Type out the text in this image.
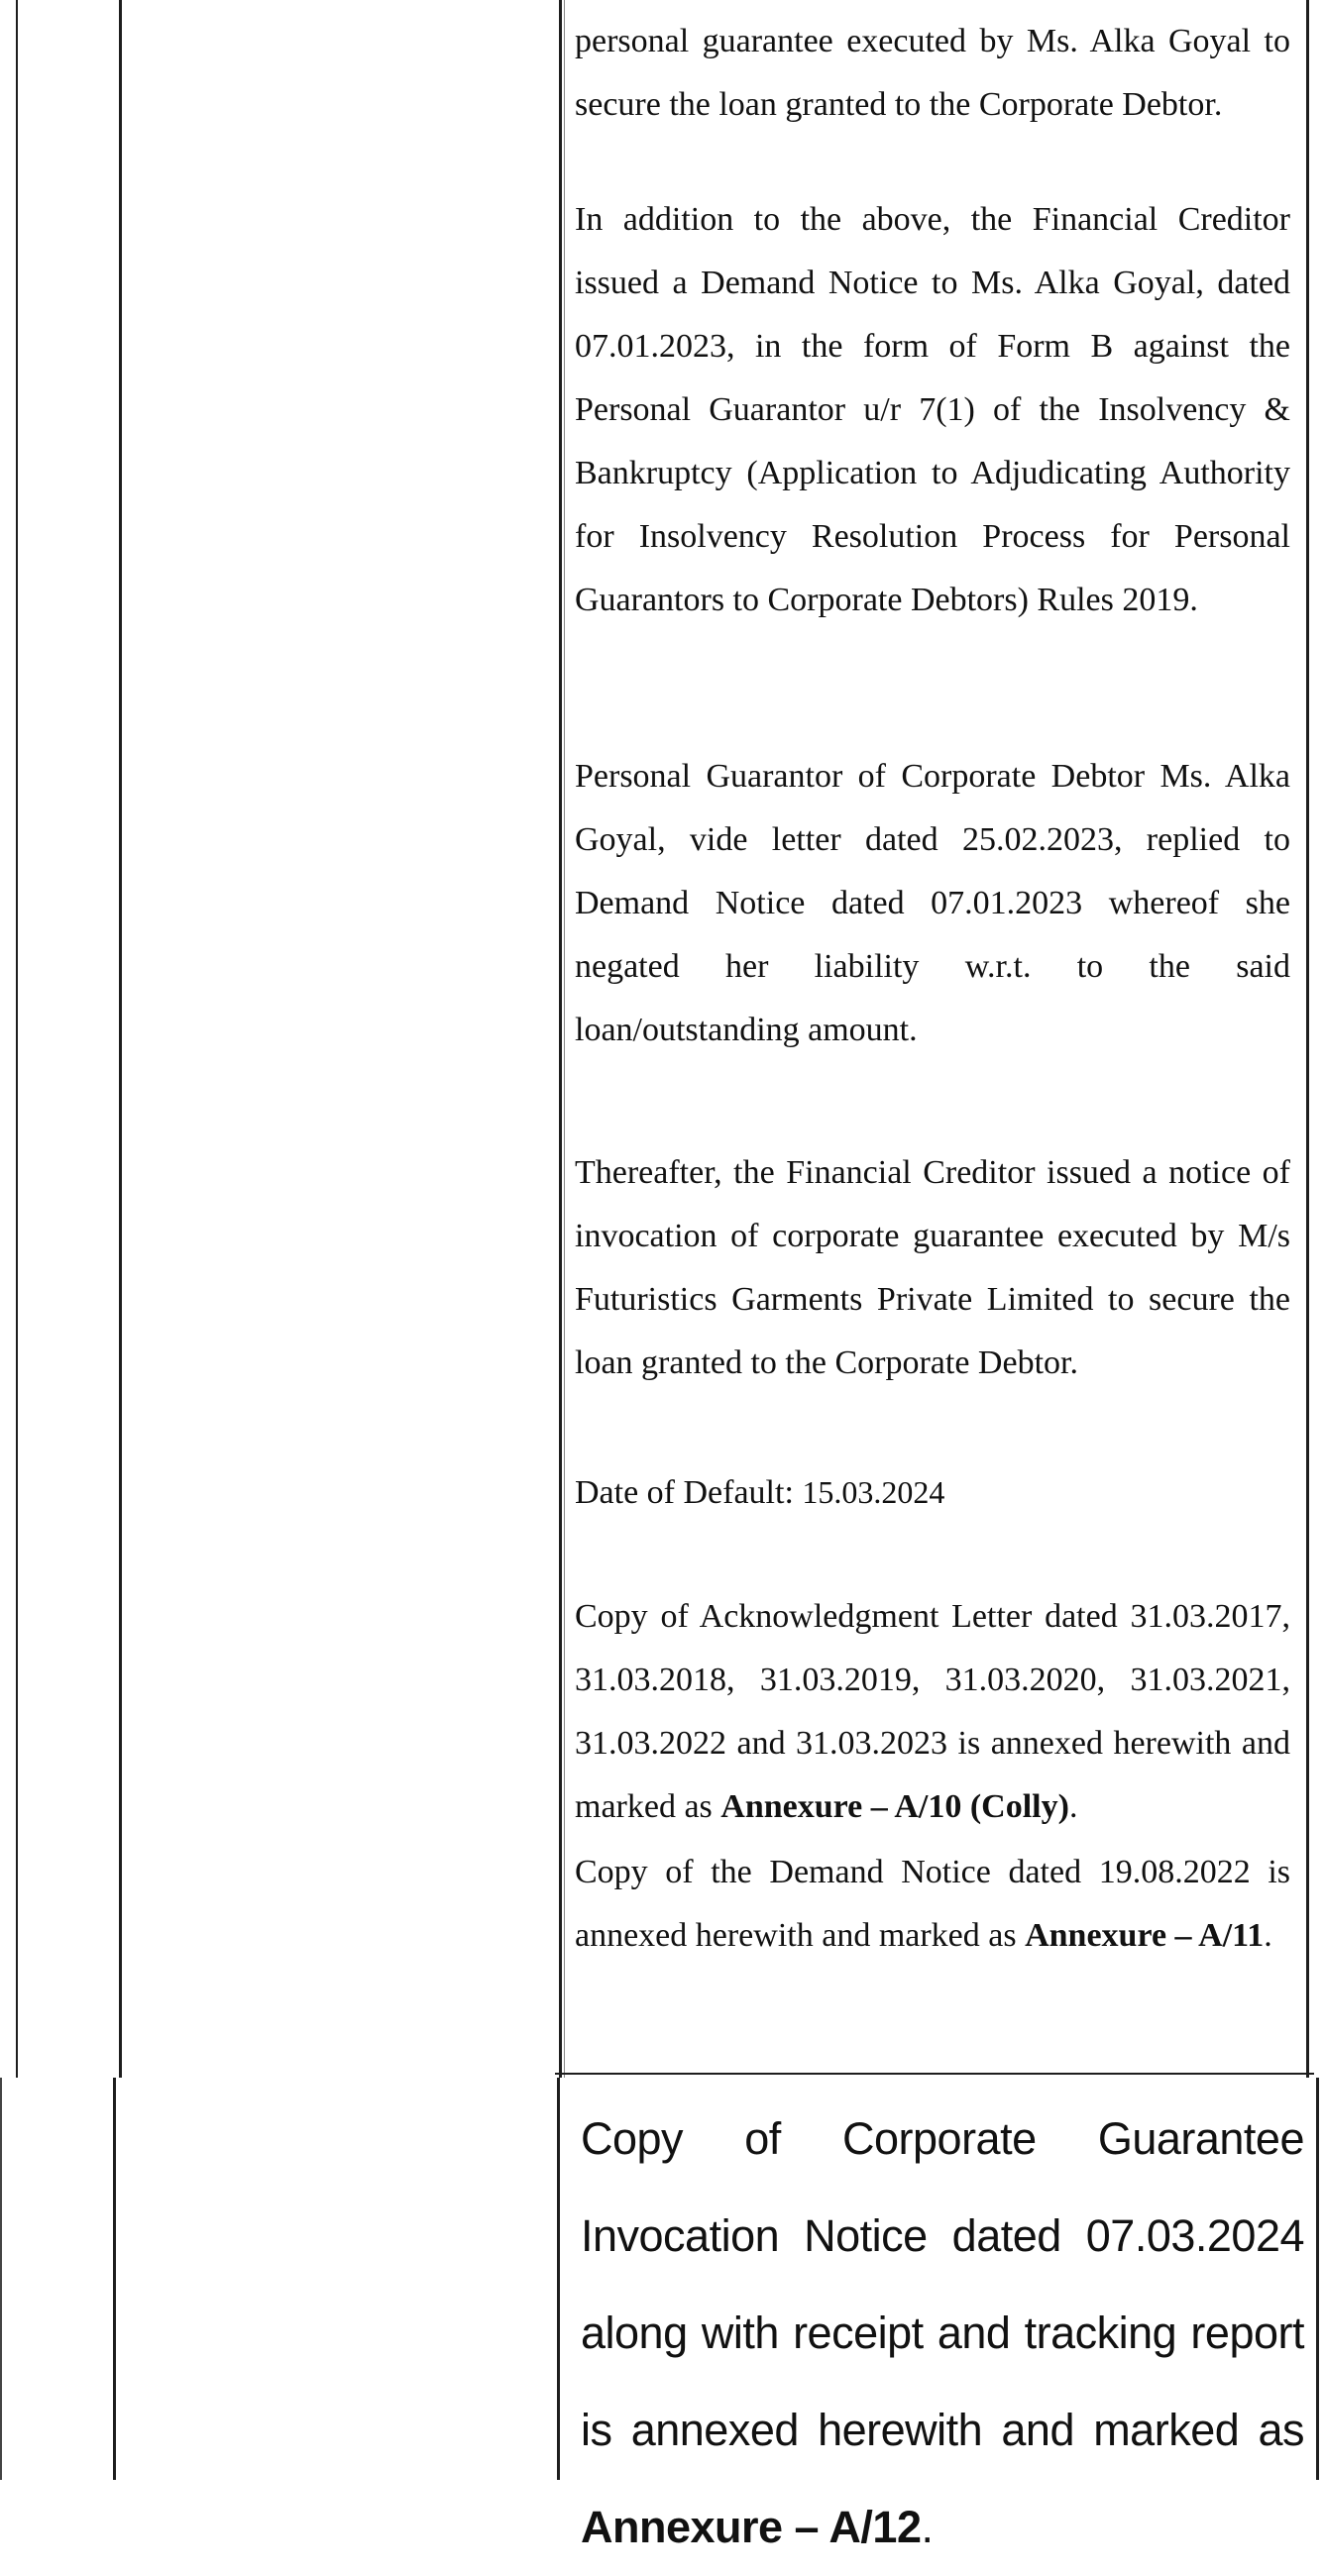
personal guarantee executed by Ms. Alka Goyal to secure the loan granted to the Corporate Debtor.

In addition to the above, the Financial Creditor issued a Demand Notice to Ms. Alka Goyal, dated 07.01.2023, in the form of Form B against the Personal Guarantor u/r 7(1) of the Insolvency & Bankruptcy (Application to Adjudicating Authority for Insolvency Resolution Process for Personal Guarantors to Corporate Debtors) Rules 2019.

Personal Guarantor of Corporate Debtor Ms. Alka Goyal, vide letter dated 25.02.2023, replied to Demand Notice dated 07.01.2023 whereof she negated her liability w.r.t. to the said loan/outstanding amount.

Thereafter, the Financial Creditor issued a notice of invocation of corporate guarantee executed by M/s Futuristics Garments Private Limited to secure the loan granted to the Corporate Debtor.

Date of Default: 15.03.2024

Copy of Acknowledgment Letter dated 31.03.2017, 31.03.2018, 31.03.2019, 31.03.2020, 31.03.2021, 31.03.2022 and 31.03.2023 is annexed herewith and marked as Annexure – A/10 (Colly).

Copy of the Demand Notice dated 19.08.2022 is annexed herewith and marked as Annexure – A/11.

Copy of Corporate Guarantee Invocation Notice dated 07.03.2024 along with receipt and tracking report is annexed herewith and marked as Annexure – A/12.
